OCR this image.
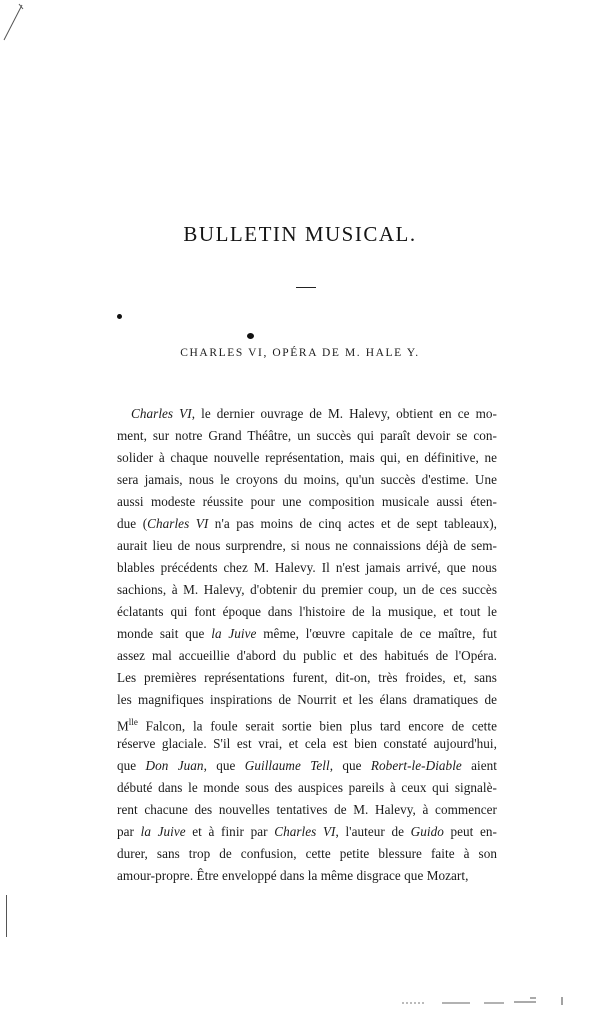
BULLETIN MUSICAL.
CHARLES VI, OPÉRA DE M. HALE Y.
Charles VI, le dernier ouvrage de M. Halevy, obtient en ce mo-
ment, sur notre Grand Théâtre, un succès qui paraît devoir se con-
solider à chaque nouvelle représentation, mais qui, en définitive, ne
sera jamais, nous le croyons du moins, qu'un succès d'estime. Une
aussi modeste réussite pour une composition musicale aussi éten-
due (Charles VI n'a pas moins de cinq actes et de sept tableaux),
aurait lieu de nous surprendre, si nous ne connaissions déjà de sem-
blables précédents chez M. Halevy. Il n'est jamais arrivé, que nous
sachions, à M. Halevy, d'obtenir du premier coup, un de ces succès
éclatants qui font époque dans l'histoire de la musique, et tout le
monde sait que la Juive même, l'œuvre capitale de ce maître, fut
assez mal accueillie d'abord du public et des habitués de l'Opéra.
Les premières représentations furent, dit-on, très froides, et, sans
les magnifiques inspirations de Nourrit et les élans dramatiques de
$M^{lle}$ Falcon, la foule serait sortie bien plus tard encore de cette
réserve glaciale. S'il est vrai, et cela est bien constaté aujourd'hui,
que Don Juan, que Guillaume Tell, que Robert-le-Diable aient
débuté dans le monde sous des auspices pareils à ceux qui signalè-
rent chacune des nouvelles tentatives de M. Halevy, à commencer
par la Juive et à finir par Charles VI, l'auteur de Guido peut en-
durer, sans trop de confusion, cette petite blessure faite à son
amour-propre. Être enveloppé dans la même disgrace que Mozart,
